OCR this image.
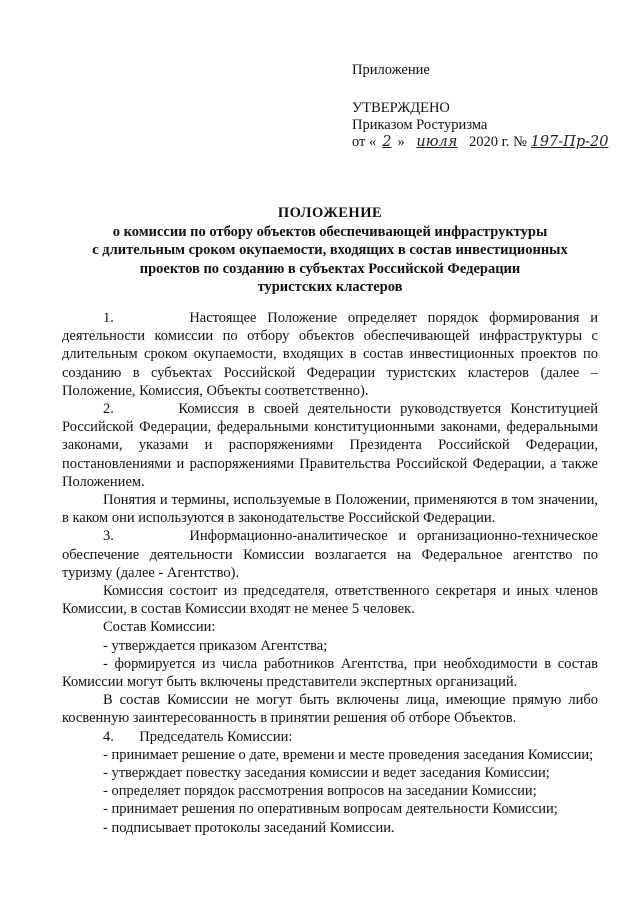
Приложение
УТВЕРЖДЕНО
Приказом Ростуризма
от « 2 » июля 2020 г. № 197-Пр-20
ПОЛОЖЕНИЕ
о комиссии по отбору объектов обеспечивающей инфраструктуры
с длительным сроком окупаемости, входящих в состав инвестиционных
проектов по созданию в субъектах Российской Федерации
туристских кластеров

1.       Настоящее Положение определяет порядок формирования и деятельности комиссии по отбору объектов обеспечивающей инфраструктуры с длительным сроком окупаемости, входящих в состав инвестиционных проектов по созданию в субъектах Российской Федерации туристских кластеров (далее – Положение, Комиссия, Объекты соответственно).

2.       Комиссия в своей деятельности руководствуется Конституцией Российской Федерации, федеральными конституционными законами, федеральными законами, указами и распоряжениями Президента Российской Федерации, постановлениями и распоряжениями Правительства Российской Федерации, а также Положением.

Понятия и термины, используемые в Положении, применяются в том значении, в каком они используются в законодательстве Российской Федерации.

3.       Информационно-аналитическое и организационно-техническое обеспечение деятельности Комиссии возлагается на Федеральное агентство по туризму (далее - Агентство).

Комиссия состоит из председателя, ответственного секретаря и иных членов Комиссии, в состав Комиссии входят не менее 5 человек.

Состав Комиссии:

- утверждается приказом Агентства;

- формируется из числа работников Агентства, при необходимости в состав Комиссии могут быть включены представители экспертных организаций.

В состав Комиссии не могут быть включены лица, имеющие прямую либо косвенную заинтересованность в принятии решения об отборе Объектов.

4.       Председатель Комиссии:

- принимает решение о дате, времени и месте проведения заседания Комиссии;

- утверждает повестку заседания комиссии и ведет заседания Комиссии;

- определяет порядок рассмотрения вопросов на заседании Комиссии;

- принимает решения по оперативным вопросам деятельности Комиссии;

- подписывает протоколы заседаний Комиссии.
